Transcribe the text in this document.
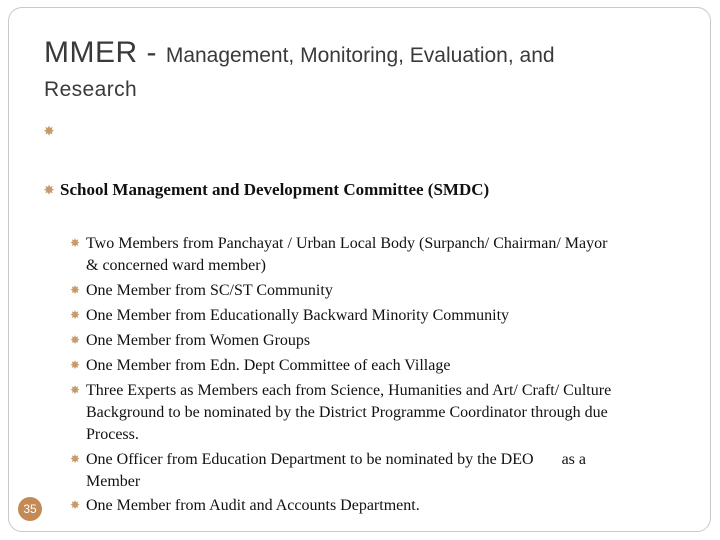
MMER - Management, Monitoring, Evaluation, and
Research
✸
✸ School Management and Development Committee (SMDC)
✸ Two Members from Panchayat / Urban Local Body (Surpanch/ Chairman/ Mayor
& concerned ward member)
✸ One Member from SC/ST Community
✸ One Member from Educationally Backward Minority Community
✸ One Member from Women Groups
✸ One Member from Edn. Dept Committee of each Village
✸ Three Experts as Members each from Science, Humanities and Art/ Craft/ Culture
Background to be nominated by the District Programme Coordinator through due
Process.
✸ One Officer from Education Department to be nominated by the DEO       as a
Member
✸ One Member from Audit and Accounts Department.
35
